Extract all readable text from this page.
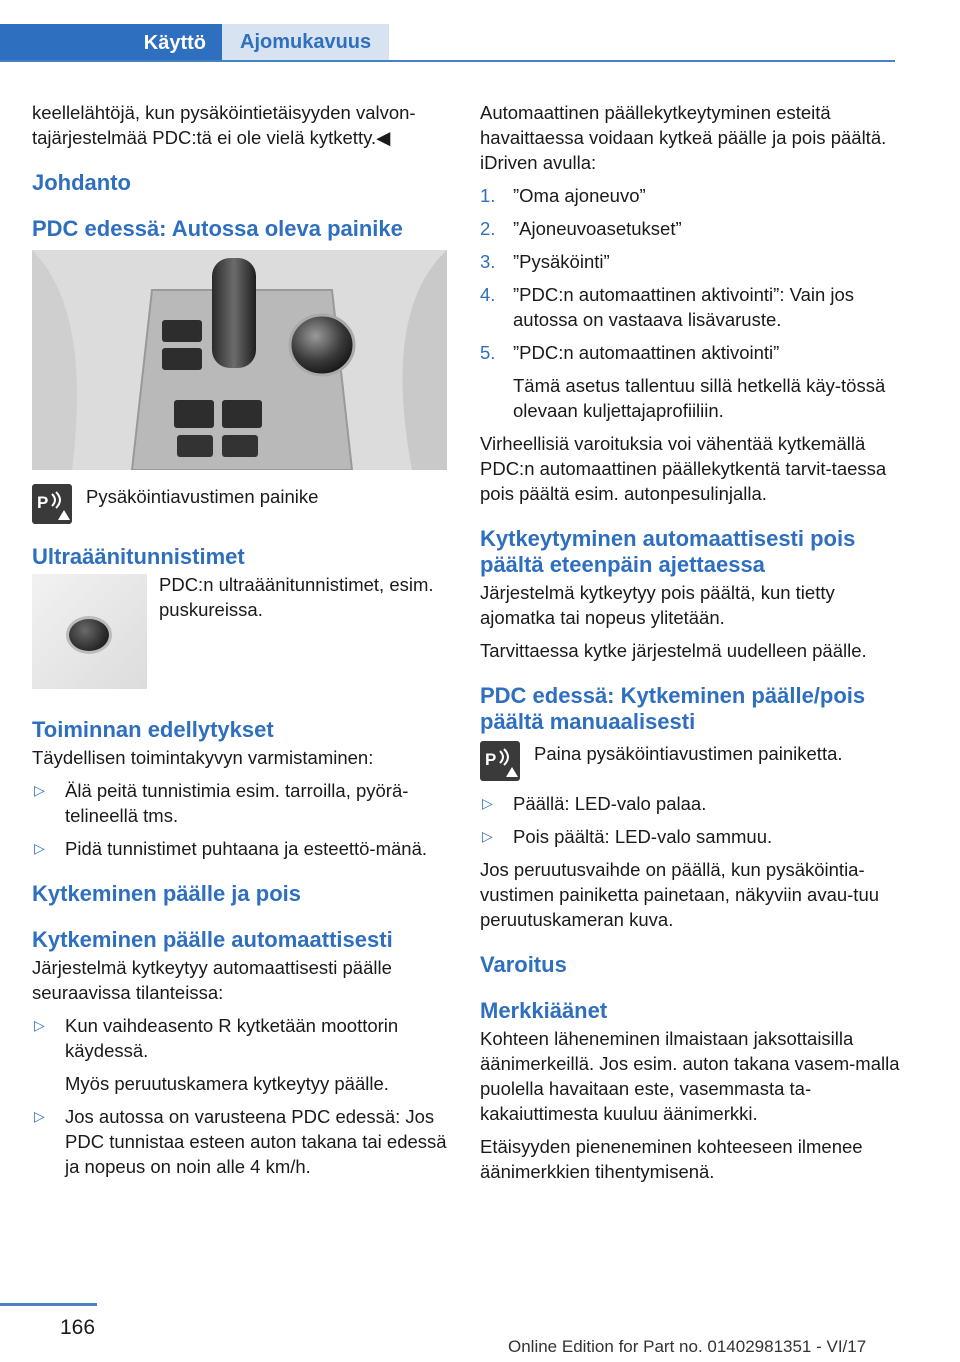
Käyttö	Ajomukavuus

keellelähtöjä, kun pysäköintietäisyyden valvon‐tajärjestelmää PDC:tä ei ole vielä kytketty.◀

Johdanto
PDC edessä: Autossa oleva painike
P Pysäköintiavustimen painike
Ultraäänitunnistimet
PDC:n ultraäänitunnistimet, esim. puskureissa.
Toiminnan edellytykset

Täydellisen toimintakyvyn varmistaminen:

▷ Älä peitä tunnistimia esim. tarroilla, pyörä‐telineellä tms.
▷ Pidä tunnistimet puhtaana ja esteettö‐mänä.
Kytkeminen päälle ja pois
Kytkeminen päälle automaattisesti

Järjestelmä kytkeytyy automaattisesti päälle seuraavissa tilanteissa:

▷ Kun vaihdeasento R kytketään moottorin käydessä.
Myös peruutuskamera kytkeytyy päälle.
▷ Jos autossa on varusteena PDC edessä: Jos PDC tunnistaa esteen auton takana tai edessä ja nopeus on noin alle 4 km/h.

Automaattinen päällekytkeytyminen esteitä havaittaessa voidaan kytkeä päälle ja pois päältä. iDriven avulla:

1. ”Oma ajoneuvo”
2. ”Ajoneuvoasetukset”
3. ”Pysäköinti”
4. ”PDC:n automaattinen aktivointi”: Vain jos autossa on vastaava lisävaruste.
5. ”PDC:n automaattinen aktivointi”
Tämä asetus tallentuu sillä hetkellä käy‐tössä olevaan kuljettajaprofiiliin.

Virheellisiä varoituksia voi vähentää kytkemällä PDC:n automaattinen päällekytkentä tarvit‐taessa pois päältä esim. autonpesulinjalla.

Kytkeytyminen automaattisesti pois päältä eteenpäin ajettaessa

Järjestelmä kytkeytyy pois päältä, kun tietty ajomatka tai nopeus ylitetään.

Tarvittaessa kytke järjestelmä uudelleen päälle.

PDC edessä: Kytkeminen päälle/pois päältä manuaalisesti
P Paina pysäköintiavustimen painiketta.
▷ Päällä: LED-valo palaa.
▷ Pois päältä: LED-valo sammuu.

Jos peruutusvaihde on päällä, kun pysäköintia‐vustimen painiketta painetaan, näkyviin avau‐tuu peruutuskameran kuva.

Varoitus
Merkkiäänet

Kohteen läheneminen ilmaistaan jaksottaisilla äänimerkeillä. Jos esim. auton takana vasem‐malla puolella havaitaan este, vasemmasta ta‐kakaiuttimesta kuuluu äänimerkki.

Etäisyyden pieneneminen kohteeseen ilmenee äänimerkkien tihentymisenä.

166
Online Edition for Part no. 01402981351 - VI/17
